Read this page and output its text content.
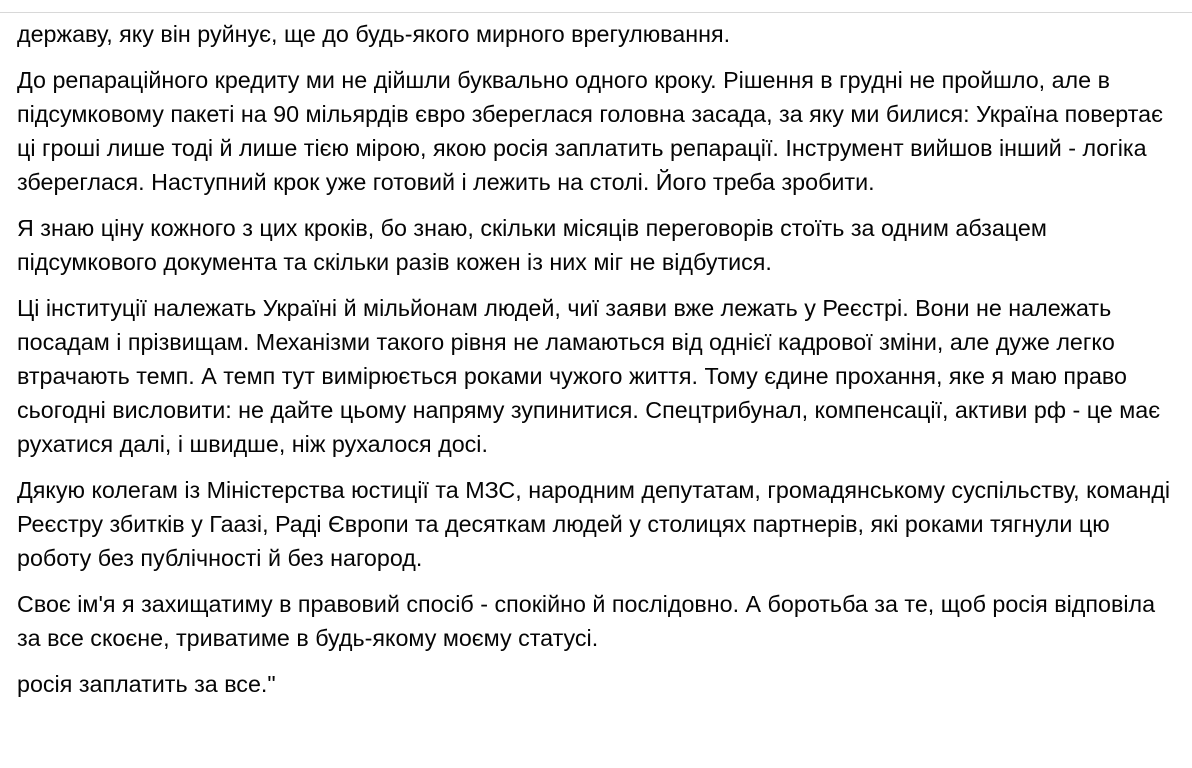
державу, яку він руйнує, ще до будь-якого мирного врегулювання.

До репараційного кредиту ми не дійшли буквально одного кроку. Рішення в грудні не пройшло, але в підсумковому пакеті на 90 мільярдів євро збереглася головна засада, за яку ми билися: Україна повертає ці гроші лише тоді й лише тією мірою, якою росія заплатить репарації. Інструмент вийшов інший - логіка збереглася. Наступний крок уже готовий і лежить на столі. Його треба зробити.

Я знаю ціну кожного з цих кроків, бо знаю, скільки місяців переговорів стоїть за одним абзацем підсумкового документа та скільки разів кожен із них міг не відбутися.

Ці інституції належать Україні й мільйонам людей, чиї заяви вже лежать у Реєстрі. Вони не належать посадам і прізвищам. Механізми такого рівня не ламаються від однієї кадрової зміни, але дуже легко втрачають темп. А темп тут вимірюється роками чужого життя. Тому єдине прохання, яке я маю право сьогодні висловити: не дайте цьому напряму зупинитися. Спецтрибунал, компенсації, активи рф - це має рухатися далі, і швидше, ніж рухалося досі.

Дякую колегам із Міністерства юстиції та МЗС, народним депутатам, громадянському суспільству, команді Реєстру збитків у Гаазі, Раді Європи та десяткам людей у столицях партнерів, які роками тягнули цю роботу без публічності й без нагород.

Своє ім'я я захищатиму в правовий спосіб - спокійно й послідовно. А боротьба за те, щоб росія відповіла за все скоєне, триватиме в будь-якому моєму статусі.

росія заплатить за все."
